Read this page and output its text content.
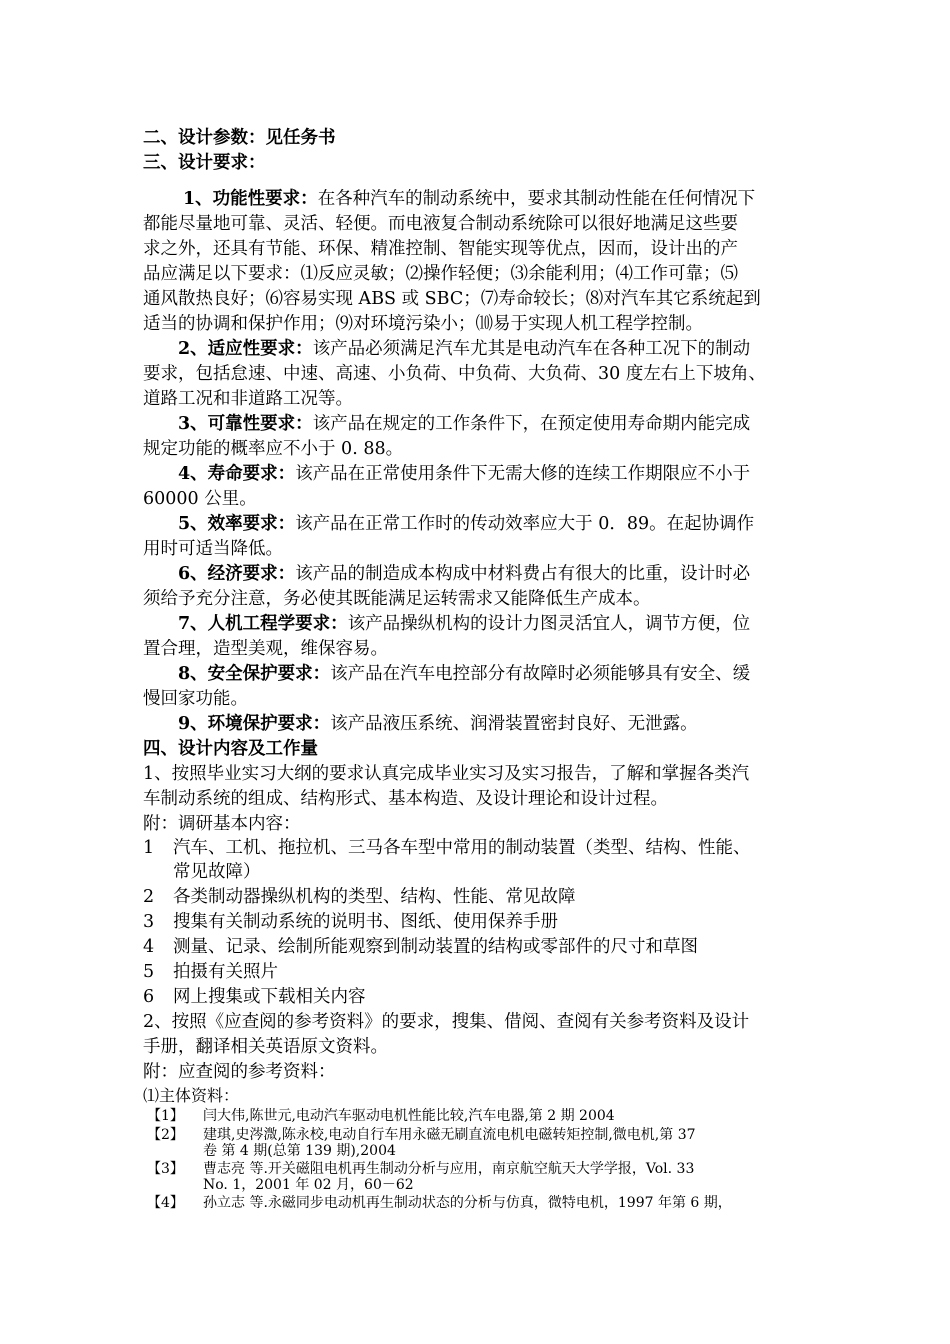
二、设计参数：见任务书
三、设计要求：
1、功能性要求：在各种汽车的制动系统中，要求其制动性能在任何情况下
都能尽量地可靠、灵活、轻便。而电液复合制动系统除可以很好地满足这些要
求之外，还具有节能、环保、精准控制、智能实现等优点，因而，设计出的产
品应满足以下要求：⑴反应灵敏；⑵操作轻便；⑶余能利用；⑷工作可靠；⑸
通风散热良好；⑹容易实现 ABS 或 SBC；⑺寿命较长；⑻对汽车其它系统起到
适当的协调和保护作用；⑼对环境污染小；⑽易于实现人机工程学控制。
2、适应性要求：该产品必须满足汽车尤其是电动汽车在各种工况下的制动
要求，包括怠速、中速、高速、小负荷、中负荷、大负荷、30 度左右上下坡角、
道路工况和非道路工况等。
3、可靠性要求：该产品在规定的工作条件下，在预定使用寿命期内能完成
规定功能的概率应不小于 0. 88。
4、寿命要求：该产品在正常使用条件下无需大修的连续工作期限应不小于
60000 公里。
5、效率要求：该产品在正常工作时的传动效率应大于 0．89。在起协调作
用时可适当降低。
6、经济要求：该产品的制造成本构成中材料费占有很大的比重，设计时必
须给予充分注意，务必使其既能满足运转需求又能降低生产成本。
7、人机工程学要求：该产品操纵机构的设计力图灵活宜人，调节方便，位
置合理，造型美观，维保容易。
8、安全保护要求：该产品在汽车电控部分有故障时必须能够具有安全、缓
慢回家功能。
9、环境保护要求：该产品液压系统、润滑装置密封良好、无泄露。
四、设计内容及工作量
1、按照毕业实习大纲的要求认真完成毕业实习及实习报告，了解和掌握各类汽
车制动系统的组成、结构形式、基本构造、及设计理论和设计过程。
附：调研基本内容：
1 汽车、工机、拖拉机、三马各车型中常用的制动装置（类型、结构、性能、
常见故障）
2 各类制动器操纵机构的类型、结构、性能、常见故障
3 搜集有关制动系统的说明书、图纸、使用保养手册
4 测量、记录、绘制所能观察到制动装置的结构或零部件的尺寸和草图
5 拍摄有关照片
6 网上搜集或下载相关内容
2、按照《应查阅的参考资料》的要求，搜集、借阅、查阅有关参考资料及设计
手册，翻译相关英语原文资料。
附：应查阅的参考资料：
⑴主体资料：
【1】 闫大伟,陈世元,电动汽车驱动电机性能比较,汽车电器,第 2 期 2004
【2】 建琪,史涔溦,陈永校,电动自行车用永磁无刷直流电机电磁转矩控制,微电机,第 37
卷 第 4 期(总第 139 期),2004
【3】 曹志亮 等.开关磁阻电机再生制动分析与应用，南京航空航天大学学报，Vol. 33
No. 1，2001 年 02 月，60－62
【4】 孙立志 等.永磁同步电动机再生制动状态的分析与仿真，微特电机，1997 年第 6 期，
